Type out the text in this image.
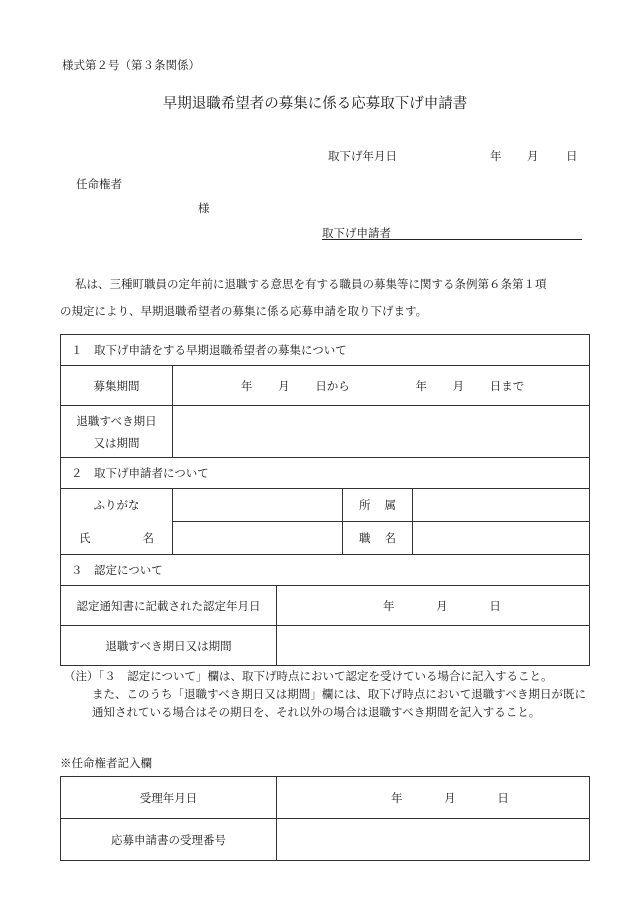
様式第２号（第３条関係）
早期退職希望者の募集に係る応募取下げ申請書
取下げ年月日	年 月 日
任命権者
様
取下げ申請者
私は、三種町職員の定年前に退職する意思を有する職員の募集等に関する条例第６条第１項
の規定により、早期退職希望者の募集に係る応募申請を取り下げます。
１　取下げ申請をする早期退職希望者の募集について				
募集期間	年 月 日から 年 月 日まで			

退職すべき期日
又は期間				

２　取下げ申請者について				
ふりがな			所 属	
氏 名			職 名	
３　認定について				
認定通知書に記載された認定年月日		年 月 日		
退職すべき期日又は期間				
（注）「３　認定について」欄は、取下げ時点において認定を受けている場合に記入すること。
また、このうち「退職すべき期日又は期間」欄には、取下げ時点において退職すべき期日が既に通知されている場合はその期日を、それ以外の場合は退職すべき期間を記入すること。
※任命権者記入欄
受理年月日	年 月 日
応募申請書の受理番号	
